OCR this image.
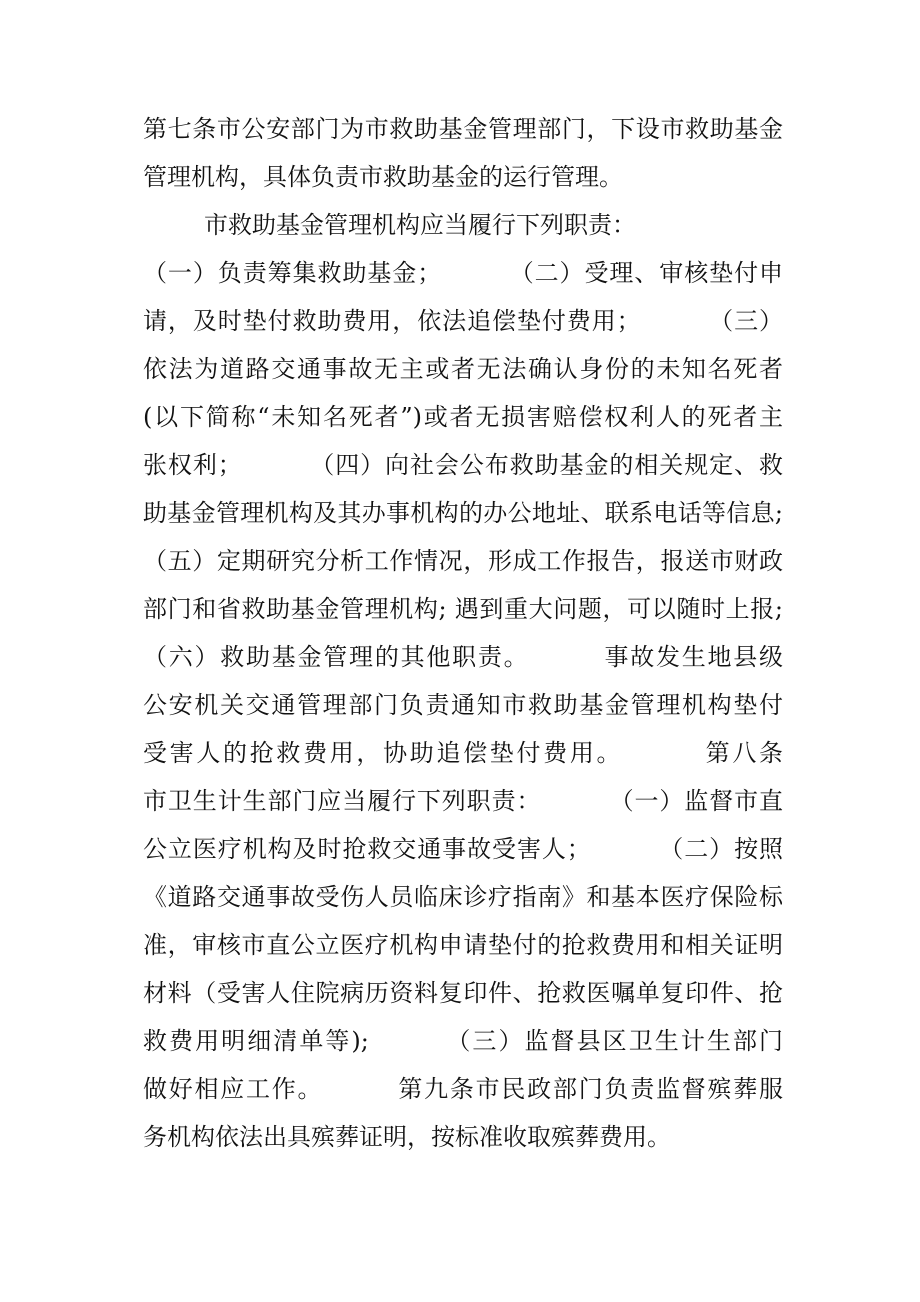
第七条市公安部门为市救助基金管理部门，下设市救助基金
管理机构，具体负责市救助基金的运行管理。
市救助基金管理机构应当履行下列职责：
（一）负责筹集救助基金；        （二）受理、审核垫付申
请，及时垫付救助费用，依法追偿垫付费用；        （三）
依法为道路交通事故无主或者无法确认身份的未知名死者
(以下简称“未知名死者”)或者无损害赔偿权利人的死者主
张权利；        （四）向社会公布救助基金的相关规定、救
助基金管理机构及其办事机构的办公地址、联系电话等信息;
（五）定期研究分析工作情况，形成工作报告，报送市财政
部门和省救助基金管理机构; 遇到重大问题，可以随时上报;
（六）救助基金管理的其他职责。        事故发生地县级
公安机关交通管理部门负责通知市救助基金管理机构垫付
受害人的抢救费用，协助追偿垫付费用。        第八条
市卫生计生部门应当履行下列职责：        （一）监督市直
公立医疗机构及时抢救交通事故受害人；        （二）按照
《道路交通事故受伤人员临床诊疗指南》和基本医疗保险标
准，审核市直公立医疗机构申请垫付的抢救费用和相关证明
材料（受害人住院病历资料复印件、抢救医嘱单复印件、抢
救费用明细清单等);        （三）监督县区卫生计生部门
做好相应工作。        第九条市民政部门负责监督殡葬服
务机构依法出具殡葬证明，按标准收取殡葬费用。
